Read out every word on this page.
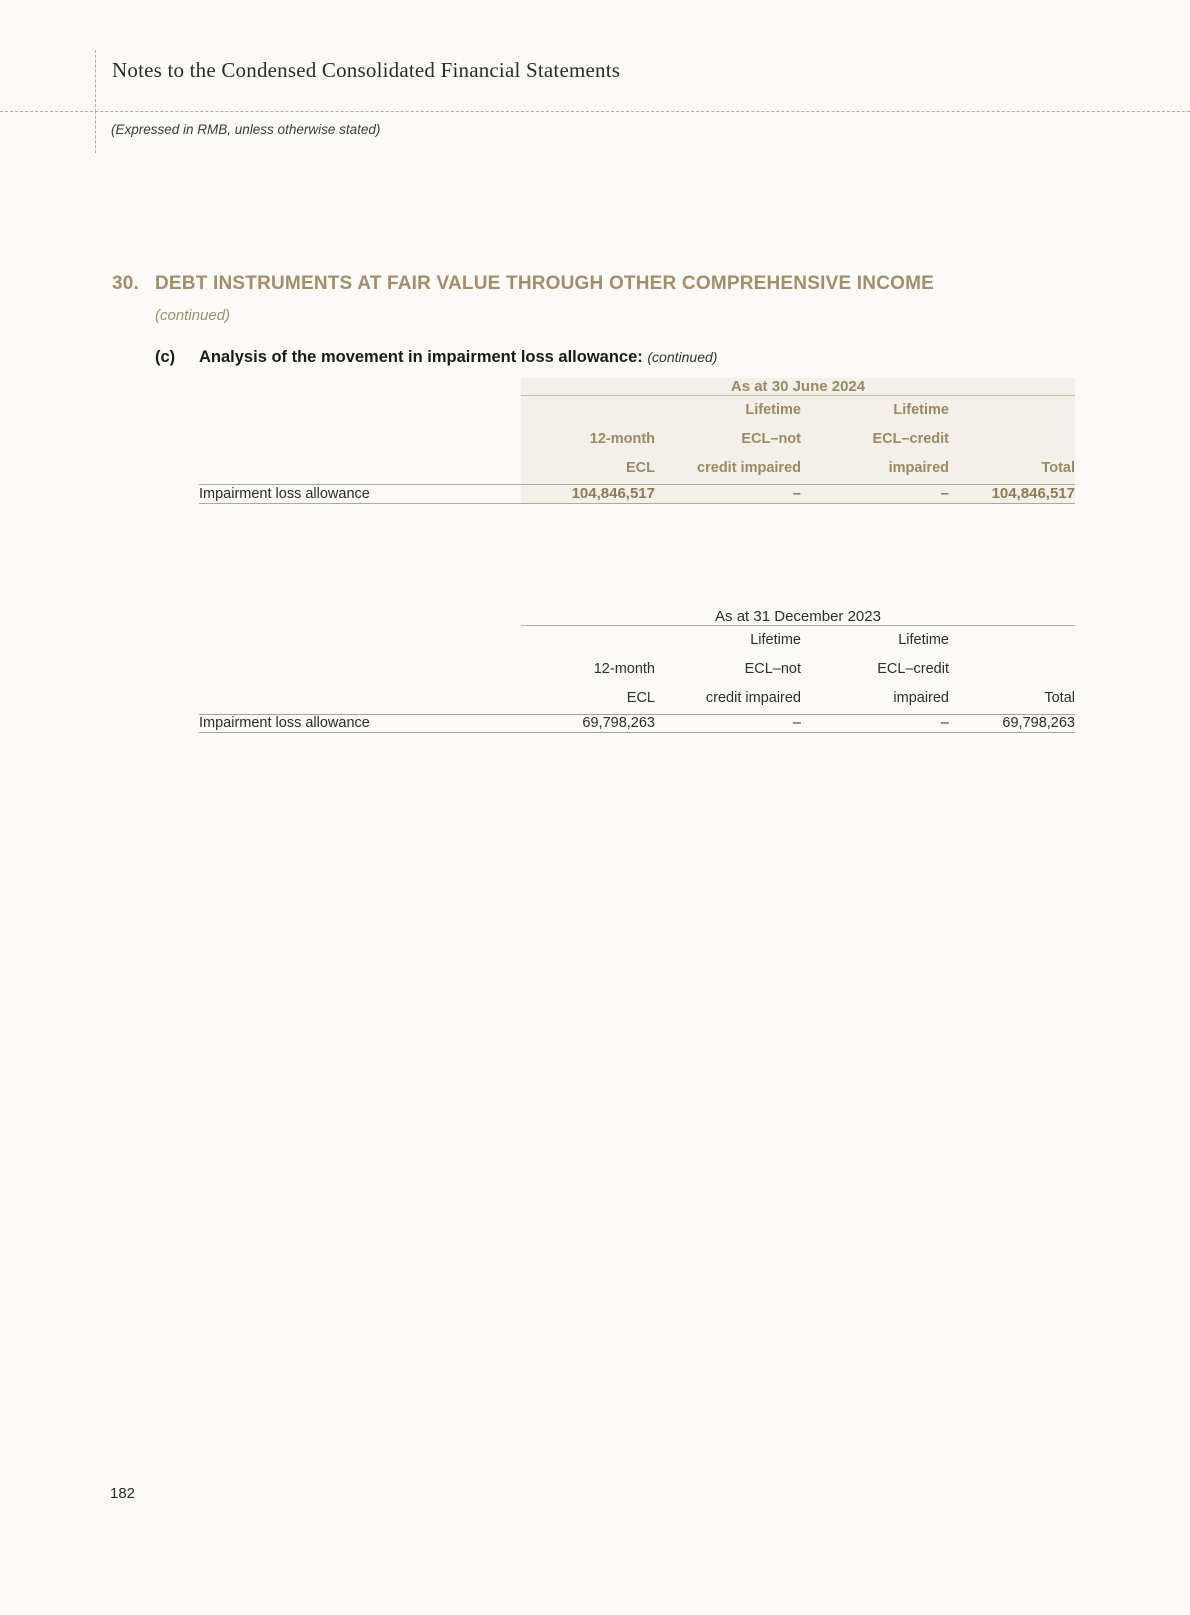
Notes to the Condensed Consolidated Financial Statements
(Expressed in RMB, unless otherwise stated)
30. DEBT INSTRUMENTS AT FAIR VALUE THROUGH OTHER COMPREHENSIVE INCOME
(continued)
(c) Analysis of the movement in impairment loss allowance: (continued)
	As at 30 June 2024			
		Lifetime	Lifetime	
	12-month	ECL–not	ECL–credit	
	ECL	credit impaired	impaired	Total

Impairment loss allowance	104,846,517	–	–	104,846,517

	As at 31 December 2023			
		Lifetime	Lifetime	
	12-month	ECL–not	ECL–credit	
	ECL	credit impaired	impaired	Total

Impairment loss allowance	69,798,263	–	–	69,798,263

182
